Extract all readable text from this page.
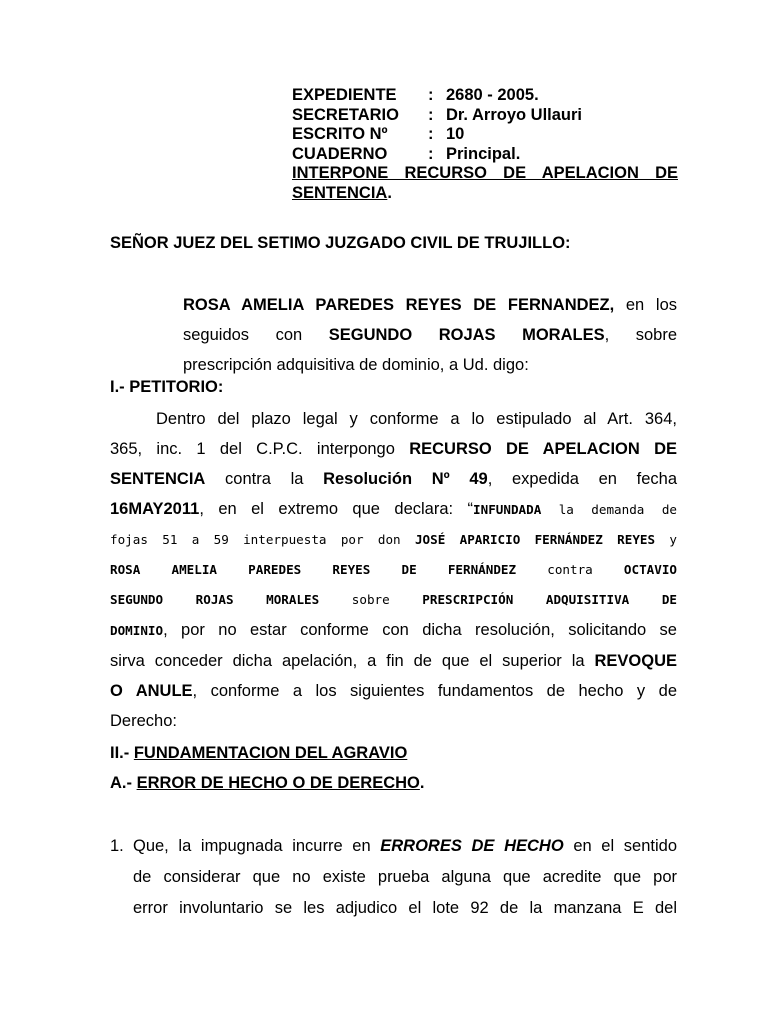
EXPEDIENTE	: 2680 - 2005.
SECRETARIO	: Dr. Arroyo Ullauri
ESCRITO Nº	: 10
CUADERNO	: Principal.
INTERPONE RECURSO DE APELACION DE
SENTENCIA.
SEÑOR JUEZ DEL SETIMO JUZGADO CIVIL DE TRUJILLO:
ROSA AMELIA PAREDES REYES DE FERNANDEZ, en los
seguidos con SEGUNDO ROJAS MORALES, sobre
prescripción adquisitiva de dominio, a Ud. digo:
I.- PETITORIO:
Dentro del plazo legal y conforme a lo estipulado al Art. 364,
365, inc. 1 del C.P.C. interpongo RECURSO DE APELACION DE
SENTENCIA contra la Resolución Nº 49, expedida en fecha
16MAY2011, en el extremo que declara: “INFUNDADA la demanda de
fojas 51 a 59 interpuesta por don JOSÉ APARICIO FERNÁNDEZ REYES y
ROSA AMELIA PAREDES REYES DE FERNÁNDEZ contra OCTAVIO
SEGUNDO ROJAS MORALES	sobre PRESCRIPCIÓN ADQUISITIVA DE
DOMINIO, por no estar conforme con dicha resolución, solicitando se
sirva conceder dicha apelación, a fin de que el superior la REVOQUE
O ANULE, conforme a los siguientes fundamentos de hecho y de
Derecho:
II.- FUNDAMENTACION DEL AGRAVIO
A.- ERROR DE HECHO O DE DERECHO.
1. Que, la impugnada incurre en ERRORES DE HECHO en el sentido
de considerar que no existe prueba alguna que acredite que por
error involuntario se les adjudico el lote 92 de la manzana E del
